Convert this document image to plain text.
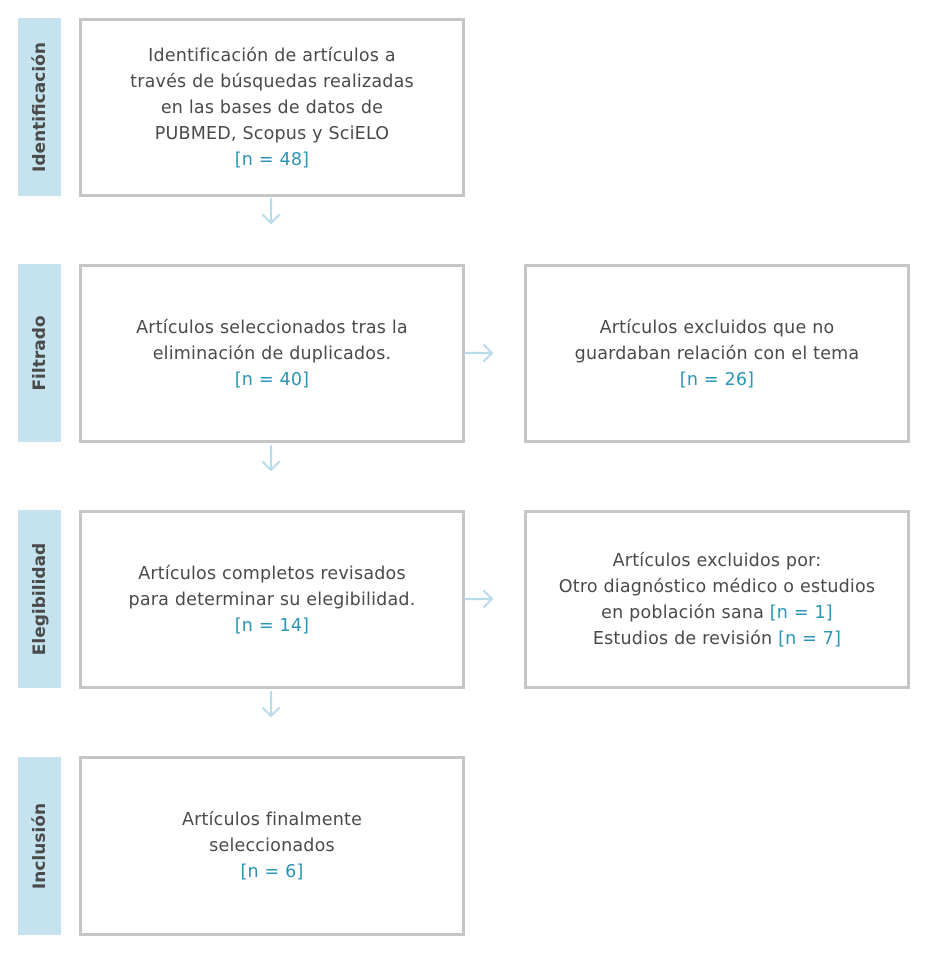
Identificación
Filtrado
Elegibilidad
Inclusión
Identificación de artículos a
través de búsquedas realizadas
en las bases de datos de
PUBMED, Scopus y SciELO
[n = 48]
Artículos seleccionados tras la
eliminación de duplicados.
[n = 40]
Artículos excluidos que no
guardaban relación con el tema
[n = 26]
Artículos completos revisados
para determinar su elegibilidad.
[n = 14]
Artículos excluidos por:
Otro diagnóstico médico o estudios
en población sana [n = 1]
Estudios de revisión [n = 7]
Artículos finalmente
seleccionados
[n = 6]
